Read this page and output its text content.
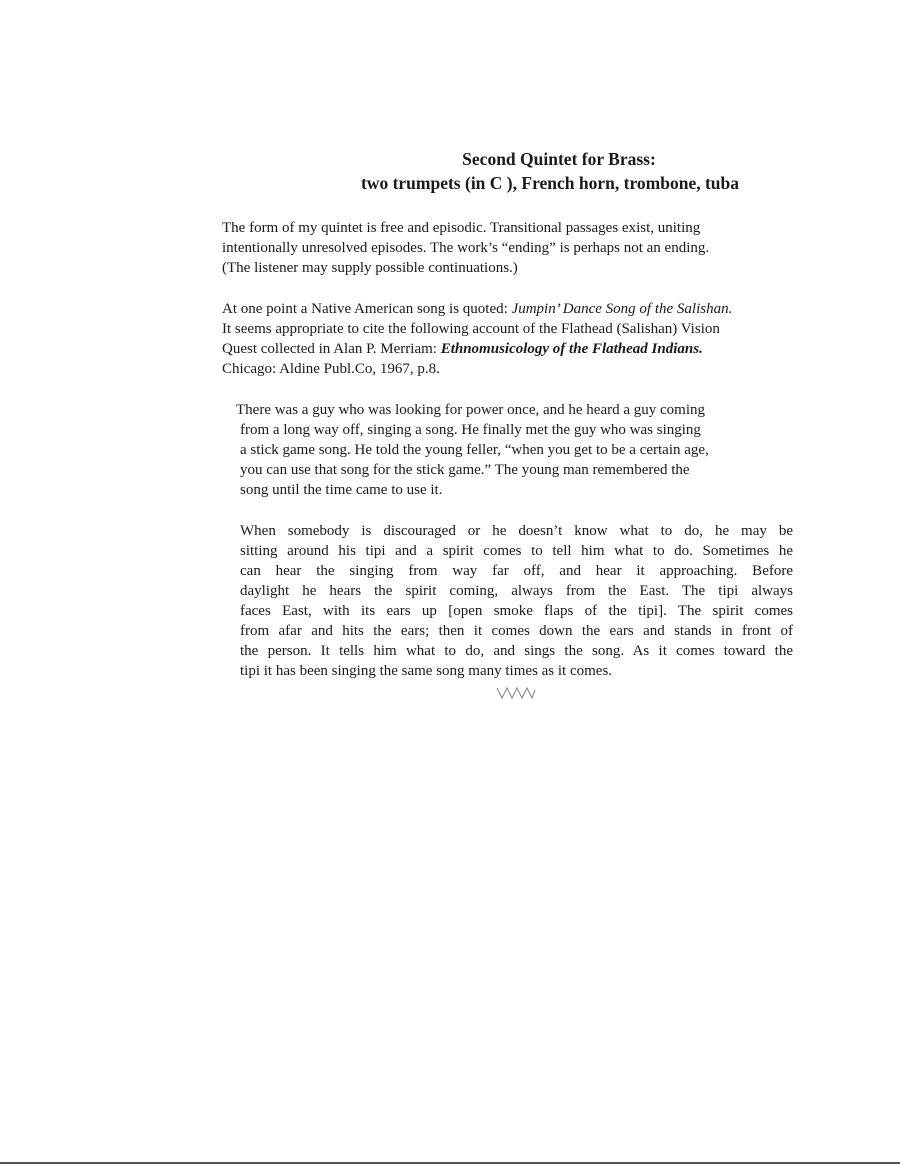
Second Quintet for Brass:
two trumpets (in C ), French horn, trombone, tuba

The form of my quintet is free and episodic. Transitional passages exist, uniting
intentionally unresolved episodes. The work’s “ending” is perhaps not an ending.
(The listener may supply possible continuations.)

At one point a Native American song is quoted: Jumpin’ Dance Song of the Salishan.
It seems appropriate to cite the following account of the Flathead (Salishan) Vision
Quest collected in Alan P. Merriam: Ethnomusicology of the Flathead Indians.
Chicago: Aldine Publ.Co, 1967, p.8.

There was a guy who was looking for power once, and he heard a guy coming
from a long way off, singing a song. He finally met the guy who was singing
a stick game song. He told the young feller, “when you get to be a certain age,
you can use that song for the stick game.” The young man remembered the
song until the time came to use it.

When somebody is discouraged or he doesn’t know what to do, he may be
sitting around his tipi and a spirit comes to tell him what to do. Sometimes he
can hear the singing from way far off, and hear it approaching. Before
daylight he hears the spirit coming, always from the East. The tipi always
faces East, with its ears up [open smoke flaps of the tipi]. The spirit comes
from afar and hits the ears; then it comes down the ears and stands in front of
the person. It tells him what to do, and sings the song. As it comes toward the
tipi it has been singing the same song many times as it comes.
